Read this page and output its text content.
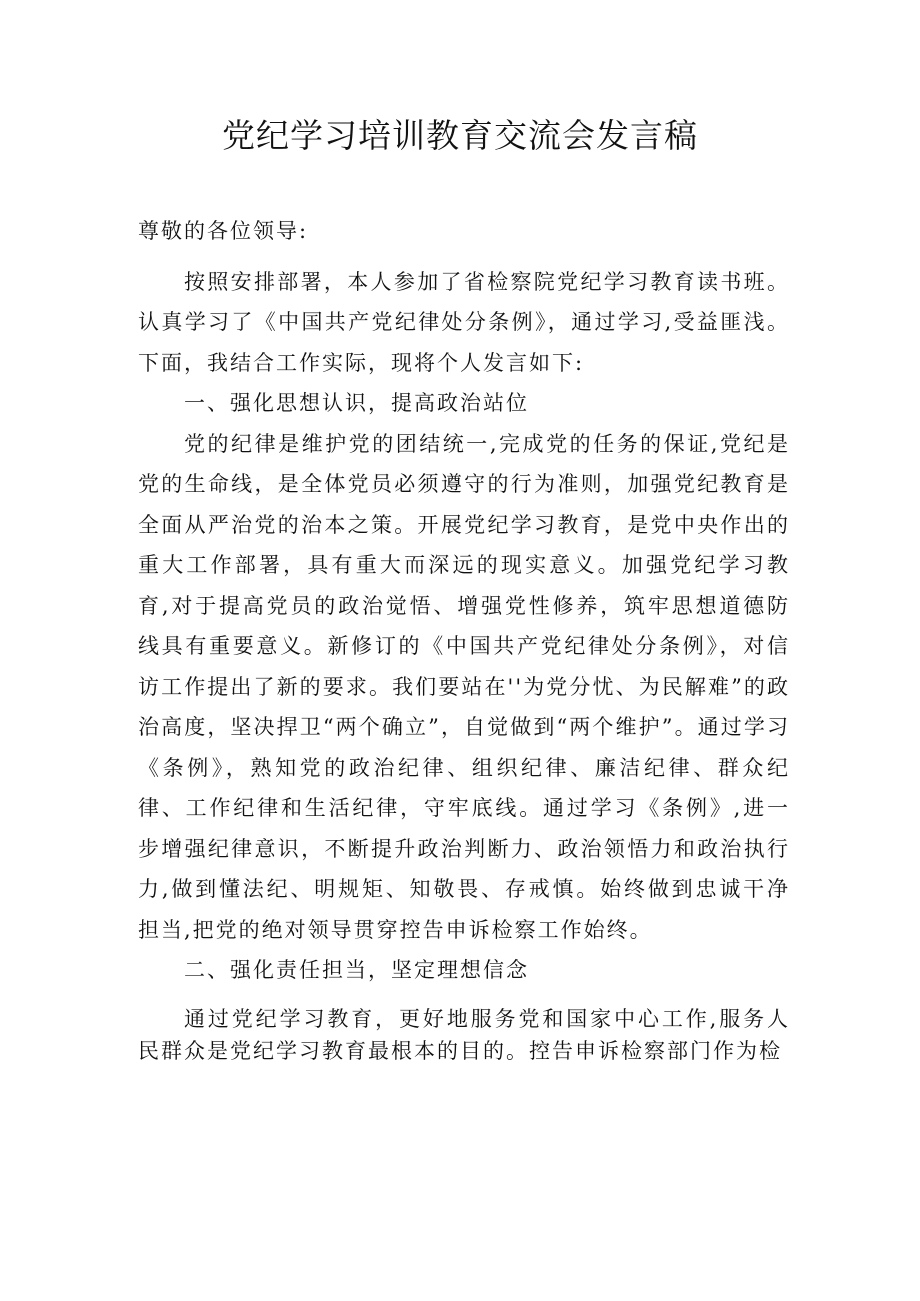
党纪学习培训教育交流会发言稿

尊敬的各位领导:

按照安排部署，本人参加了省检察院党纪学习教育读书班。认真学习了《中国共产党纪律处分条例》，通过学习,受益匪浅。下面，我结合工作实际，现将个人发言如下:

一、强化思想认识，提高政治站位

党的纪律是维护党的团结统一,完成党的任务的保证,党纪是党的生命线，是全体党员必须遵守的行为准则，加强党纪教育是全面从严治党的治本之策。开展党纪学习教育，是党中央作出的重大工作部署，具有重大而深远的现实意义。加强党纪学习教育,对于提高党员的政治觉悟、增强党性修养，筑牢思想道德防线具有重要意义。新修订的《中国共产党纪律处分条例》，对信访工作提出了新的要求。我们要站在''为党分忧、为民解难”的政治高度，坚决捍卫“两个确立”，自觉做到“两个维护”。通过学习《条例》，熟知党的政治纪律、组织纪律、廉洁纪律、群众纪律、工作纪律和生活纪律，守牢底线。通过学习《条例》,进一步增强纪律意识，不断提升政治判断力、政治领悟力和政治执行力,做到懂法纪、明规矩、知敬畏、存戒慎。始终做到忠诚干净担当,把党的绝对领导贯穿控告申诉检察工作始终。

二、强化责任担当，坚定理想信念

通过党纪学习教育，更好地服务党和国家中心工作,服务人民群众是党纪学习教育最根本的目的。控告申诉检察部门作为检
